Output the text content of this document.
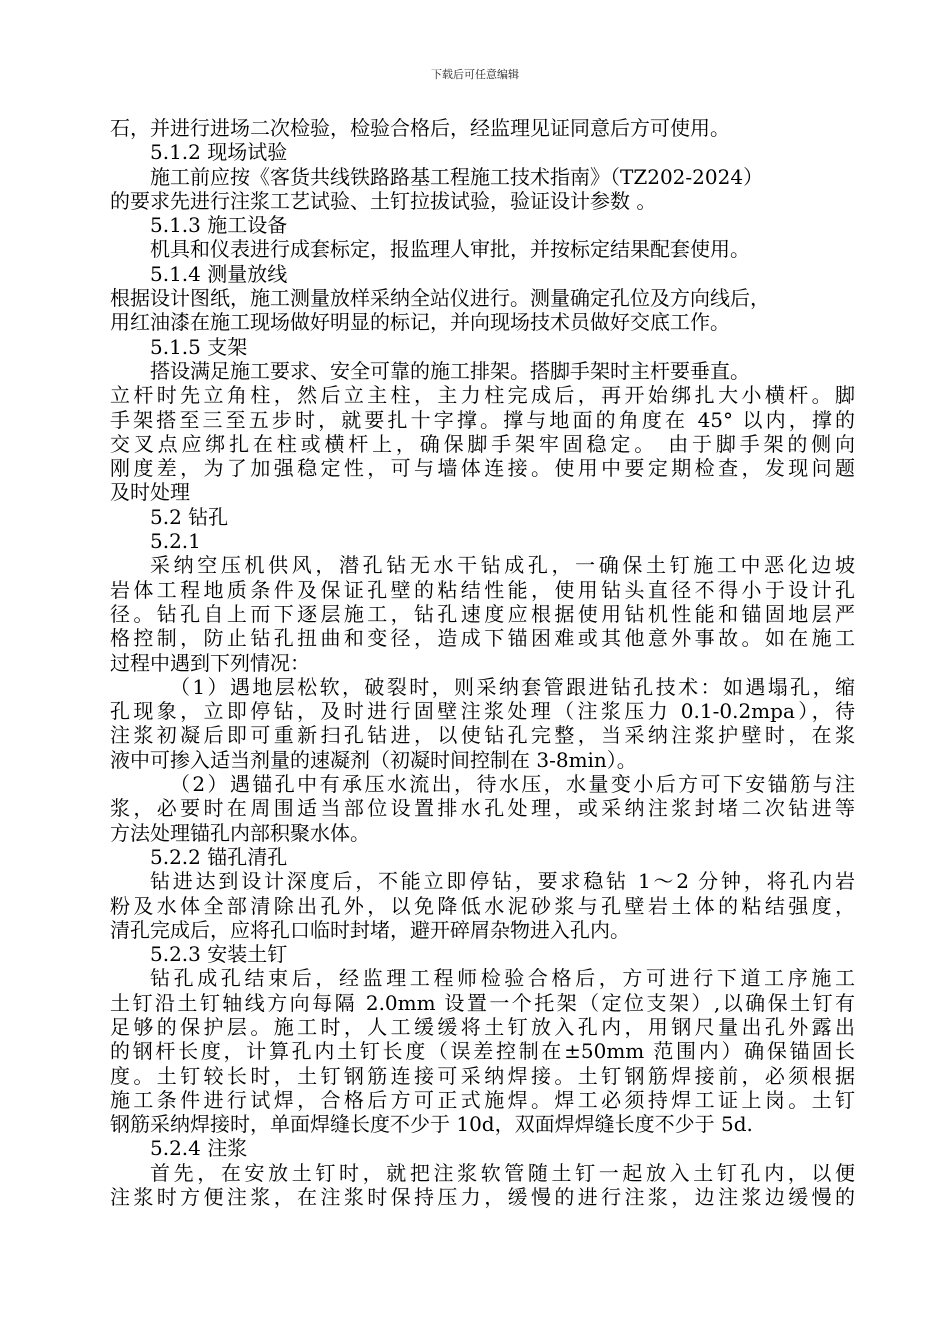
下载后可任意编辑
石，并进行进场二次检验，检验合格后，经监理见证同意后方可使用。
5.1.2 现场试验
施工前应按《客货共线铁路路基工程施工技术指南》（TZ202-2024）
的要求先进行注浆工艺试验、土钉拉拔试验，验证设计参数 。
5.1.3 施工设备
机具和仪表进行成套标定，报监理人审批，并按标定结果配套使用。
5.1.4 测量放线
根据设计图纸，施工测量放样采纳全站仪进行。测量确定孔位及方向线后，
用红油漆在施工现场做好明显的标记，并向现场技术员做好交底工作。
5.1.5 支架
搭设满足施工要求、安全可靠的施工排架。搭脚手架时主杆要垂直。
立杆时先立角柱，然后立主柱，主力柱完成后，再开始绑扎大小横杆。脚
手架搭至三至五步时，就要扎十字撑。撑与地面的角度在 45° 以内，撑的
交叉点应绑扎在柱或横杆上，确保脚手架牢固稳定。 由于脚手架的侧向
刚度差，为了加强稳定性，可与墙体连接。使用中要定期检查，发现问题
及时处理
5.2 钻孔
5.2.1
采纳空压机供风，潜孔钻无水干钻成孔，一确保土钉施工中恶化边坡
岩体工程地质条件及保证孔壁的粘结性能，使用钻头直径不得小于设计孔
径。钻孔自上而下逐层施工，钻孔速度应根据使用钻机性能和锚固地层严
格控制，防止钻孔扭曲和变径，造成下锚困难或其他意外事故。如在施工
过程中遇到下列情况：
（1）遇地层松软，破裂时，则采纳套管跟进钻孔技术：如遇塌孔，缩
孔现象，立即停钻，及时进行固壁注浆处理（注浆压力 0.1-0.2mpa），待
注浆初凝后即可重新扫孔钻进，以使钻孔完整，当采纳注浆护壁时，在浆
液中可掺入适当剂量的速凝剂（初凝时间控制在 3-8min）。
（2）遇锚孔中有承压水流出，待水压，水量变小后方可下安锚筋与注
浆，必要时在周围适当部位设置排水孔处理，或采纳注浆封堵二次钻进等
方法处理锚孔内部积聚水体。
5.2.2 锚孔清孔
钻进达到设计深度后，不能立即停钻，要求稳钻 1～2 分钟，将孔内岩
粉及水体全部清除出孔外，以免降低水泥砂浆与孔壁岩土体的粘结强度，
清孔完成后，应将孔口临时封堵，避开碎屑杂物进入孔内。
5.2.3 安装土钉
钻孔成孔结束后，经监理工程师检验合格后，方可进行下道工序施工
土钉沿土钉轴线方向每隔 2.0mm 设置一个托架（定位支架）,以确保土钉有
足够的保护层。施工时，人工缓缓将土钉放入孔内，用钢尺量出孔外露出
的钢杆长度，计算孔内土钉长度（误差控制在±50mm 范围内）确保锚固长
度。土钉较长时，土钉钢筋连接可采纳焊接。土钉钢筋焊接前，必须根据
施工条件进行试焊，合格后方可正式施焊。焊工必须持焊工证上岗。土钉
钢筋采纳焊接时，单面焊缝长度不少于 10d，双面焊焊缝长度不少于 5d.
5.2.4 注浆
首先，在安放土钉时，就把注浆软管随土钉一起放入土钉孔内，以便
注浆时方便注浆，在注浆时保持压力，缓慢的进行注浆，边注浆边缓慢的
